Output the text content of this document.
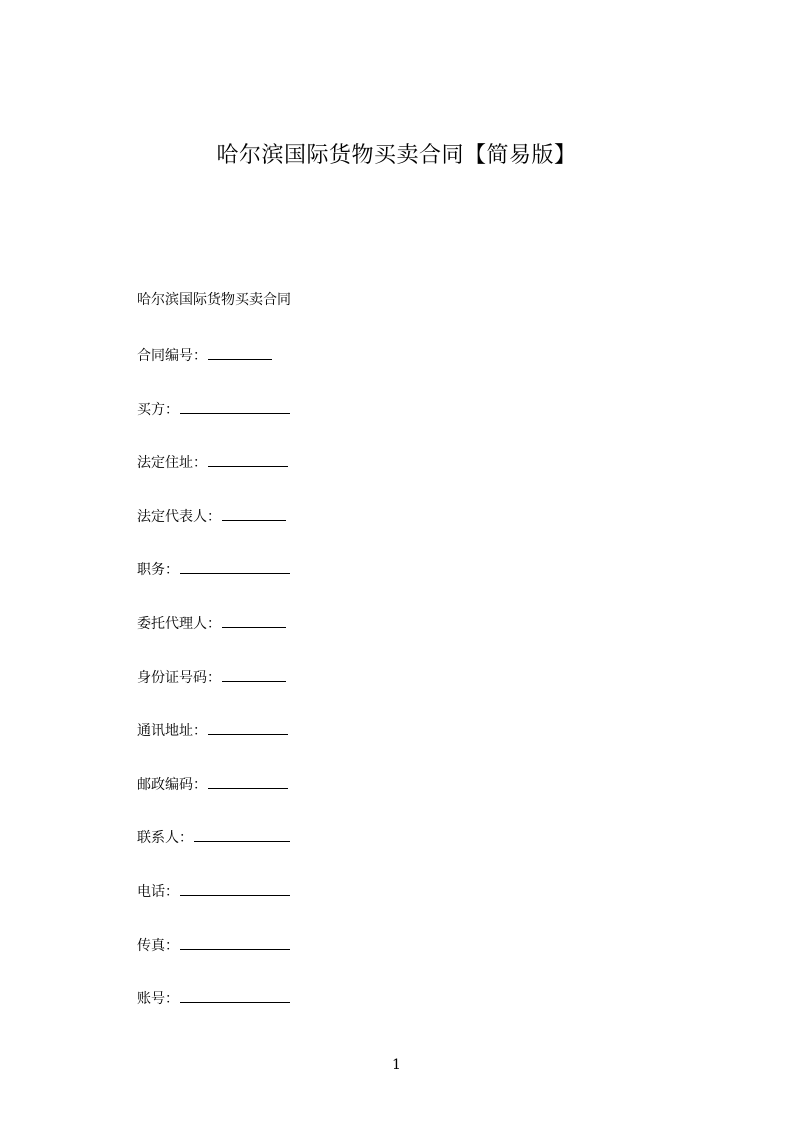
哈尔滨国际货物买卖合同【简易版】
哈尔滨国际货物买卖合同
合同编号：
买方：
法定住址：
法定代表人：
职务：
委托代理人：
身份证号码：
通讯地址：
邮政编码：
联系人：
电话：
传真：
账号：
1
